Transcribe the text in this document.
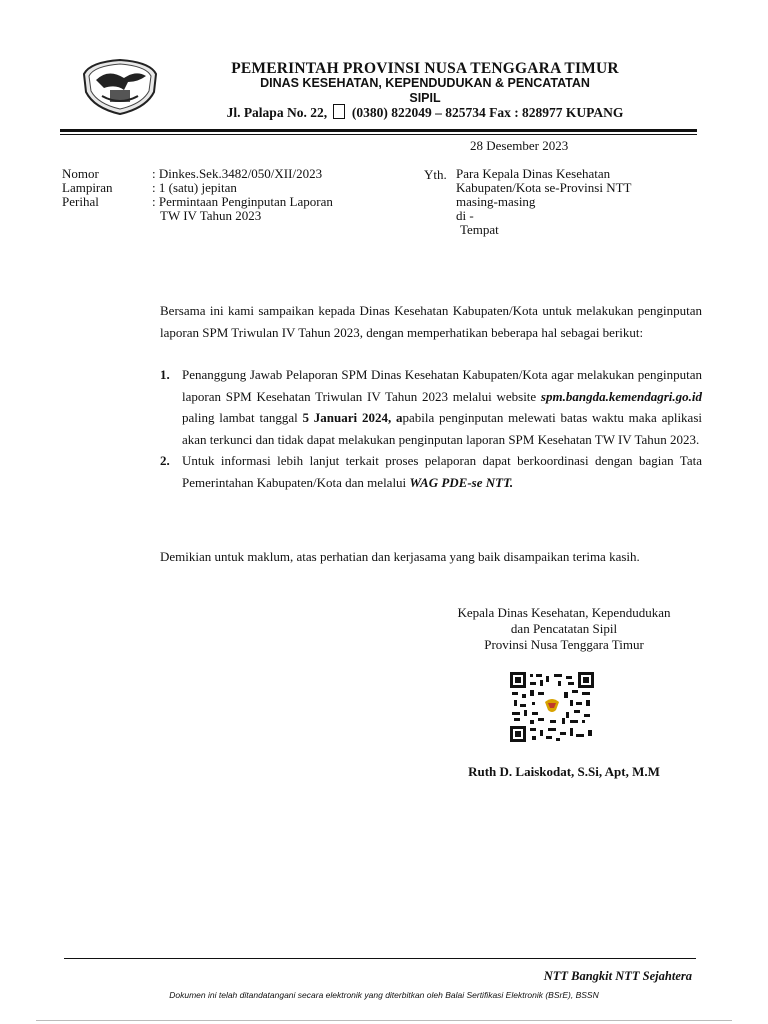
PEMERINTAH PROVINSI NUSA TENGGARA TIMUR
DINAS KESEHATAN, KEPENDUDUKAN & PENCATATAN
SIPIL
Jl. Palapa No. 22, (0380) 822049 – 825734 Fax : 828977 KUPANG
28 Desember 2023
Nomor	: Dinkes.Sek.3482/050/XII/2023
Lampiran	: 1 (satu) jepitan
Perihal	: Permintaan Penginputan Laporan
TW IV Tahun 2023
Yth. Para Kepala Dinas Kesehatan
Kabupaten/Kota se-Provinsi NTT
masing-masing
di -
Tempat
Bersama ini kami sampaikan kepada Dinas Kesehatan Kabupaten/Kota untuk melakukan penginputan laporan SPM Triwulan IV Tahun 2023, dengan memperhatikan beberapa hal sebagai berikut:
1. Penanggung Jawab Pelaporan SPM Dinas Kesehatan Kabupaten/Kota agar melakukan penginputan laporan SPM Kesehatan Triwulan IV Tahun 2023 melalui website spm.bangda.kemendagri.go.id paling lambat tanggal 5 Januari 2024, apabila penginputan melewati batas waktu maka aplikasi akan terkunci dan tidak dapat melakukan penginputan laporan SPM Kesehatan TW IV Tahun 2023.
2. Untuk informasi lebih lanjut terkait proses pelaporan dapat berkoordinasi dengan bagian Tata Pemerintahan Kabupaten/Kota dan melalui WAG PDE-se NTT.
Demikian untuk maklum, atas perhatian dan kerjasama yang baik disampaikan terima kasih.
Kepala Dinas Kesehatan, Kependudukan
dan Pencatatan Sipil
Provinsi Nusa Tenggara Timur
Ruth D. Laiskodat, S.Si, Apt, M.M
NTT Bangkit NTT Sejahtera
Dokumen ini telah ditandatangani secara elektronik yang diterbitkan oleh Balai Sertifikasi Elektronik (BSrE), BSSN
